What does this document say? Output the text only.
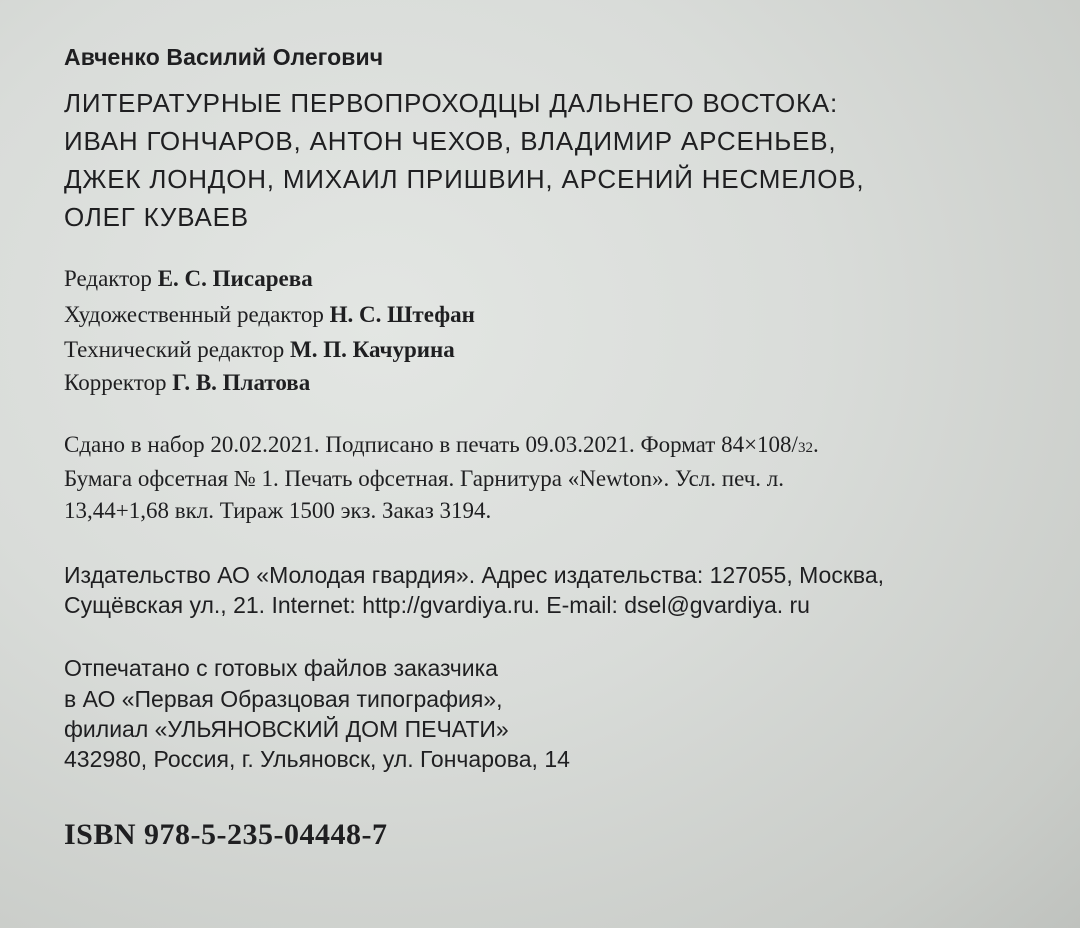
Авченко Василий Олегович
ЛИТЕРАТУРНЫЕ ПЕРВОПРОХОДЦЫ ДАЛЬНЕГО ВОСТОКА:
ИВАН ГОНЧАРОВ, АНТОН ЧЕХОВ, ВЛАДИМИР АРСЕНЬЕВ,
ДЖЕК ЛОНДОН, МИХАИЛ ПРИШВИН, АРСЕНИЙ НЕСМЕЛОВ,
ОЛЕГ КУВАЕВ
Редактор Е. С. Писарева
Художественный редактор Н. С. Штефан
Технический редактор М. П. Качурина
Корректор Г. В. Платова
Сдано в набор 20.02.2021. Подписано в печать 09.03.2021. Формат 84×108/32.
Бумага офсетная № 1. Печать офсетная. Гарнитура «Newton». Усл. печ. л.
13,44+1,68 вкл. Тираж 1500 экз. Заказ 3194.
Издательство АО «Молодая гвардия». Адрес издательства: 127055, Москва,
Сущёвская ул., 21. Internet: http://gvardiya.ru. E-mail: dsel@gvardiya. ru
Отпечатано с готовых файлов заказчика
в АО «Первая Образцовая типография»,
филиал «УЛЬЯНОВСКИЙ ДОМ ПЕЧАТИ»
432980, Россия, г. Ульяновск, ул. Гончарова, 14
ISBN 978-5-235-04448-7
